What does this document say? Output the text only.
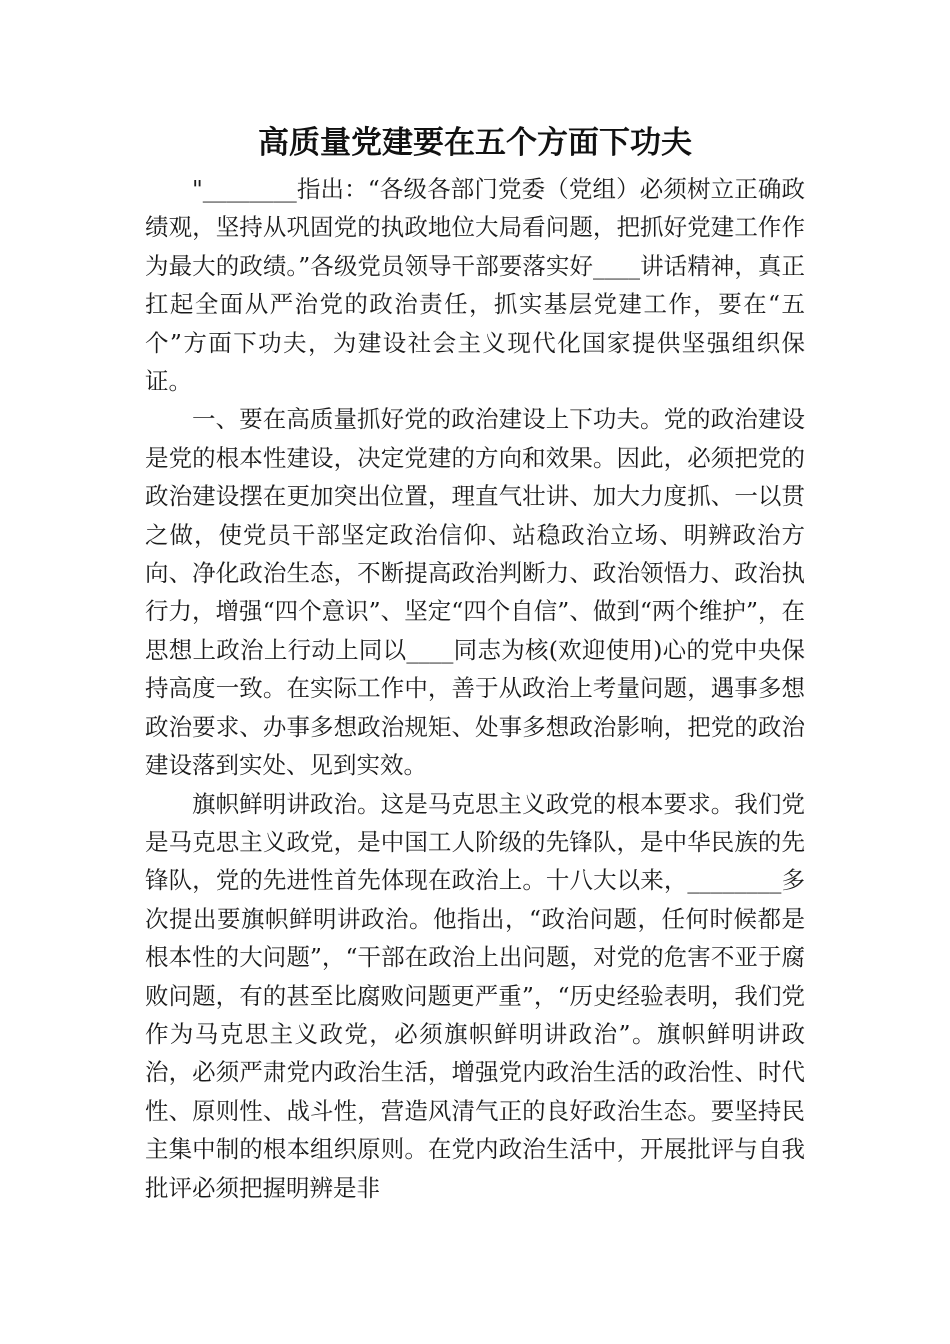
高质量党建要在五个方面下功夫

"________指出：“各级各部门党委（党组）必须树立正确政绩观，坚持从巩固党的执政地位大局看问题，把抓好党建工作作为最大的政绩。”各级党员领导干部要落实好____讲话精神，真正扛起全面从严治党的政治责任，抓实基层党建工作，要在“五个”方面下功夫，为建设社会主义现代化国家提供坚强组织保证。

一、要在高质量抓好党的政治建设上下功夫。党的政治建设是党的根本性建设，决定党建的方向和效果。因此，必须把党的政治建设摆在更加突出位置，理直气壮讲、加大力度抓、一以贯之做，使党员干部坚定政治信仰、站稳政治立场、明辨政治方向、净化政治生态，不断提高政治判断力、政治领悟力、政治执行力，增强“四个意识”、坚定“四个自信”、做到“两个维护”，在思想上政治上行动上同以____同志为核(欢迎使用)心的党中央保持高度一致。在实际工作中，善于从政治上考量问题，遇事多想政治要求、办事多想政治规矩、处事多想政治影响，把党的政治建设落到实处、见到实效。

旗帜鲜明讲政治。这是马克思主义政党的根本要求。我们党是马克思主义政党，是中国工人阶级的先锋队，是中华民族的先锋队，党的先进性首先体现在政治上。十八大以来，________多次提出要旗帜鲜明讲政治。他指出，“政治问题，任何时候都是根本性的大问题”，“干部在政治上出问题，对党的危害不亚于腐败问题，有的甚至比腐败问题更严重”，“历史经验表明，我们党作为马克思主义政党，必须旗帜鲜明讲政治”。旗帜鲜明讲政治，必须严肃党内政治生活，增强党内政治生活的政治性、时代性、原则性、战斗性，营造风清气正的良好政治生态。要坚持民主集中制的根本组织原则。在党内政治生活中，开展批评与自我批评必须把握明辨是非
